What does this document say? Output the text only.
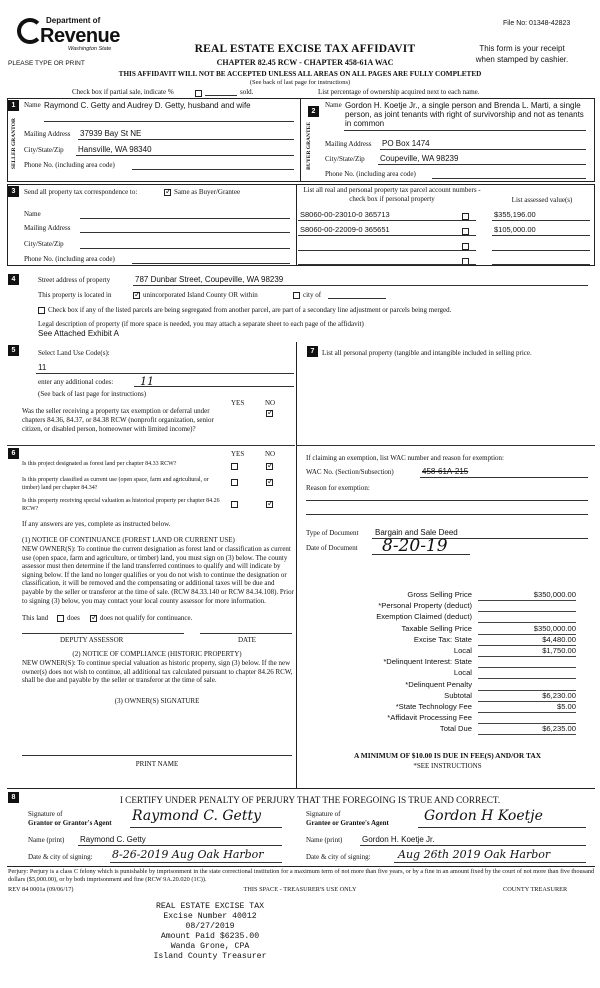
File No: 01348-42823
Department of
Revenue
Washington State
PLEASE TYPE OR PRINT
REAL ESTATE EXCISE TAX AFFIDAVIT
CHAPTER 82.45 RCW - CHAPTER 458-61A WAC
This form is your receipt
when stamped by cashier.
THIS AFFIDAVIT WILL NOT BE ACCEPTED UNLESS ALL AREAS ON ALL PAGES ARE FULLY COMPLETED
(See back of last page for instructions)
Check box if partial sale, indicate %	sold.	List percentage of ownership acquired next to each name.
1
SELLER GRANTOR
Name Raymond C. Getty and Audrey D. Getty, husband and wife
Mailing Address 37939 Bay St NE
City/State/Zip Hansville, WA 98340
Phone No. (including area code)
2
BUYER GRANTEE
Name Gordon H. Koetje Jr., a single person and Brenda L. Marti, a single person, as joint tenants with right of survivorship and not as tenants in common
Mailing Address PO Box 1474
City/State/Zip Coupeville, WA 98239
Phone No. (including area code)
3	Send all property tax correspondence to: ✓	Same as Buyer/Grantee
Name
Mailing Address
City/State/Zip
Phone No. (including area code)
List all real and personal property tax parcel account numbers - check box if personal property	List assessed value(s)
S8060-00-23010-0 365713	$355,196.00
S8060-00-22009-0 365651	$105,000.00
4	Street address of property	787 Dunbar Street, Coupeville, WA 98239
This property is located in ✓	unincorporated Island County OR within	city of
Check box if any of the listed parcels are being segregated from another parcel, are part of a secondary line adjustment or parcels being merged.
Legal description of property (if more space is needed, you may attach a separate sheet to each page of the affidavit)
See Attached Exhibit A
5	Select Land Use Code(s):
11
enter any additional codes: 11
(See back of last page for instructions)
YES	NO
Was the seller receiving a property tax exemption or deferral under chapters 84.36, 84.37, or 84.38 RCW (nonprofit organization, senior citizen, or disabled person, homeowner with limited income)?
✓
6	YES	NO
Is this project designated as forest land per chapter 84.33 RCW?
✓
Is this property classified as current use (open space, farm and agricultural, or timber) land per chapter 84.34?
✓
Is this property receiving special valuation as historical property per chapter 84.26 RCW?
✓
If any answers are yes, complete as instructed below.
(1) NOTICE OF CONTINUANCE (FOREST LAND OR CURRENT USE)
NEW OWNER(S): To continue the current designation as forest land or classification as current use (open space, farm and agriculture, or timber) land, you must sign on (3) below. The county assessor must then determine if the land transferred continues to qualify and will indicate by signing below. If the land no longer qualifies or you do not wish to continue the designation or classification, it will be removed and the compensating or additional taxes will be due and payable by the seller or transferor at the time of sale. (RCW 84.33.140 or RCW 84.34.108). Prior to signing (3) below, you may contact your local county assessor for more information.
This land	does ✓	does not qualify for continuance.
DEPUTY ASSESSOR	DATE
(2) NOTICE OF COMPLIANCE (HISTORIC PROPERTY)
NEW OWNER(S): To continue special valuation as historic property, sign (3) below. If the new owner(s) does not wish to continue, all additional tax calculated pursuant to chapter 84.26 RCW, shall be due and payable by the seller or transferor at the time of sale.
(3) OWNER(S) SIGNATURE
PRINT NAME
7	List all personal property (tangible and intangible included in selling price.
If claiming an exemption, list WAC number and reason for exemption:
WAC No. (Section/Subsection)	458-61A-215
Reason for exemption:
Type of Document Bargain and Sale Deed
Date of Document 8-20-19
Gross Selling Price	$350,000.00
*Personal Property (deduct)
Exemption Claimed (deduct)
Taxable Selling Price	$350,000.00
Excise Tax: State	$4,480.00
Local	$1,750.00
*Delinquent Interest: State
Local
*Delinquent Penalty
Subtotal	$6,230.00
*State Technology Fee	$5.00
*Affidavit Processing Fee
Total Due	$6,235.00
A MINIMUM OF $10.00 IS DUE IN FEE(S) AND/OR TAX
*SEE INSTRUCTIONS
8	I CERTIFY UNDER PENALTY OF PERJURY THAT THE FOREGOING IS TRUE AND CORRECT.
Signature of
Grantor or Grantor's Agent Raymond C. Getty	Signature of
Grantee or Grantee's Agent	Gordon H Koetje
Name (print) Raymond C. Getty	Name (print) Gordon H. Koetje Jr.
Date & city of signing: 8-26-2019 Aug Oak Harbor	Date & city of signing: Aug 26th 2019 Oak Harbor
Perjury: Perjury is a class C felony which is punishable by imprisonment in the state correctional institution for a maximum term of not more than five years, or by a fine in an amount fixed by the court of not more than five thousand dollars ($5,000.00), or by both imprisonment and fine (RCW 9A.20.020 (1C)).
REV 84 0001a (09/06/17)	THIS SPACE - TREASURER'S USE ONLY	COUNTY TREASURER
REAL ESTATE EXCISE TAX
Excise Number 40012
08/27/2019
Amount Paid $6235.00
Wanda Grone, CPA
Island County Treasurer
